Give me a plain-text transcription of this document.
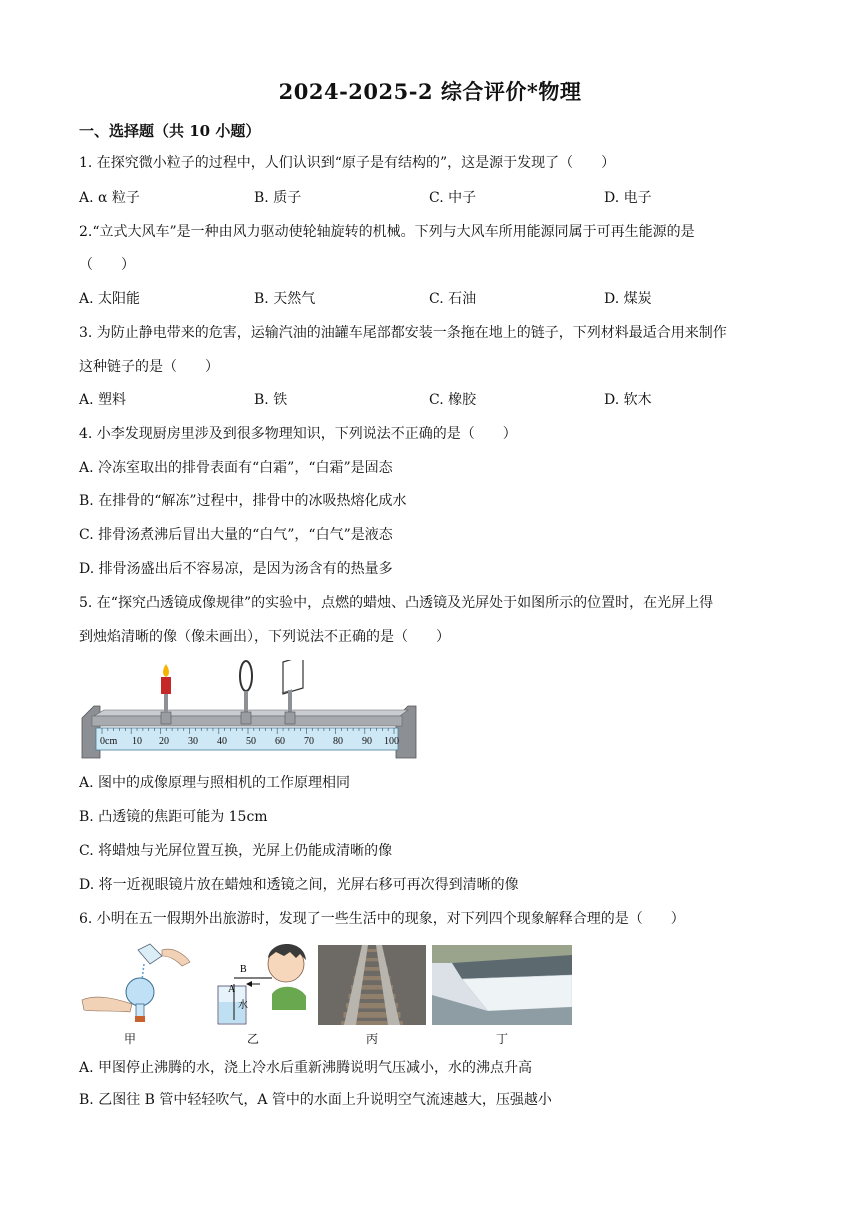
2024-2025-2 综合评价*物理
一、选择题（共 10 小题）
1. 在探究微小粒子的过程中，人们认识到“原子是有结构的”，这是源于发现了（　　）
A. α 粒子	B. 质子	C. 中子	D. 电子
2.“立式大风车”是一种由风力驱动使轮轴旋转的机械。下列与大风车所用能源同属于可再生能源的是
（　　）
A. 太阳能	B. 天然气	C. 石油	D. 煤炭
3. 为防止静电带来的危害，运输汽油的油罐车尾部都安装一条拖在地上的链子，下列材料最适合用来制作
这种链子的是（　　）
A. 塑料	B. 铁	C. 橡胶	D. 软木
4. 小李发现厨房里涉及到很多物理知识，下列说法不正确的是（　　）
A. 冷冻室取出的排骨表面有“白霜”，“白霜”是固态
B. 在排骨的“解冻”过程中，排骨中的冰吸热熔化成水
C. 排骨汤煮沸后冒出大量的“白气”，“白气”是液态
D. 排骨汤盛出后不容易凉，是因为汤含有的热量多
5. 在“探究凸透镜成像规律”的实验中，点燃的蜡烛、凸透镜及光屏处于如图所示的位置时，在光屏上得
到烛焰清晰的像（像未画出），下列说法不正确的是（　　）
0cm 10 20 30 40 50 60 70 80 90 100
A. 图中的成像原理与照相机的工作原理相同
B. 凸透镜的焦距可能为 15cm
C. 将蜡烛与光屏位置互换，光屏上仍能成清晰的像
D. 将一近视眼镜片放在蜡烛和透镜之间，光屏右移可再次得到清晰的像
6. 小明在五一假期外出旅游时，发现了一些生活中的现象，对下列四个现象解释合理的是（　　）
B
A
水
甲	乙	丙	丁
A. 甲图停止沸腾的水，浇上冷水后重新沸腾说明气压减小，水的沸点升高
B. 乙图往 B 管中轻轻吹气，A 管中的水面上升说明空气流速越大，压强越小
